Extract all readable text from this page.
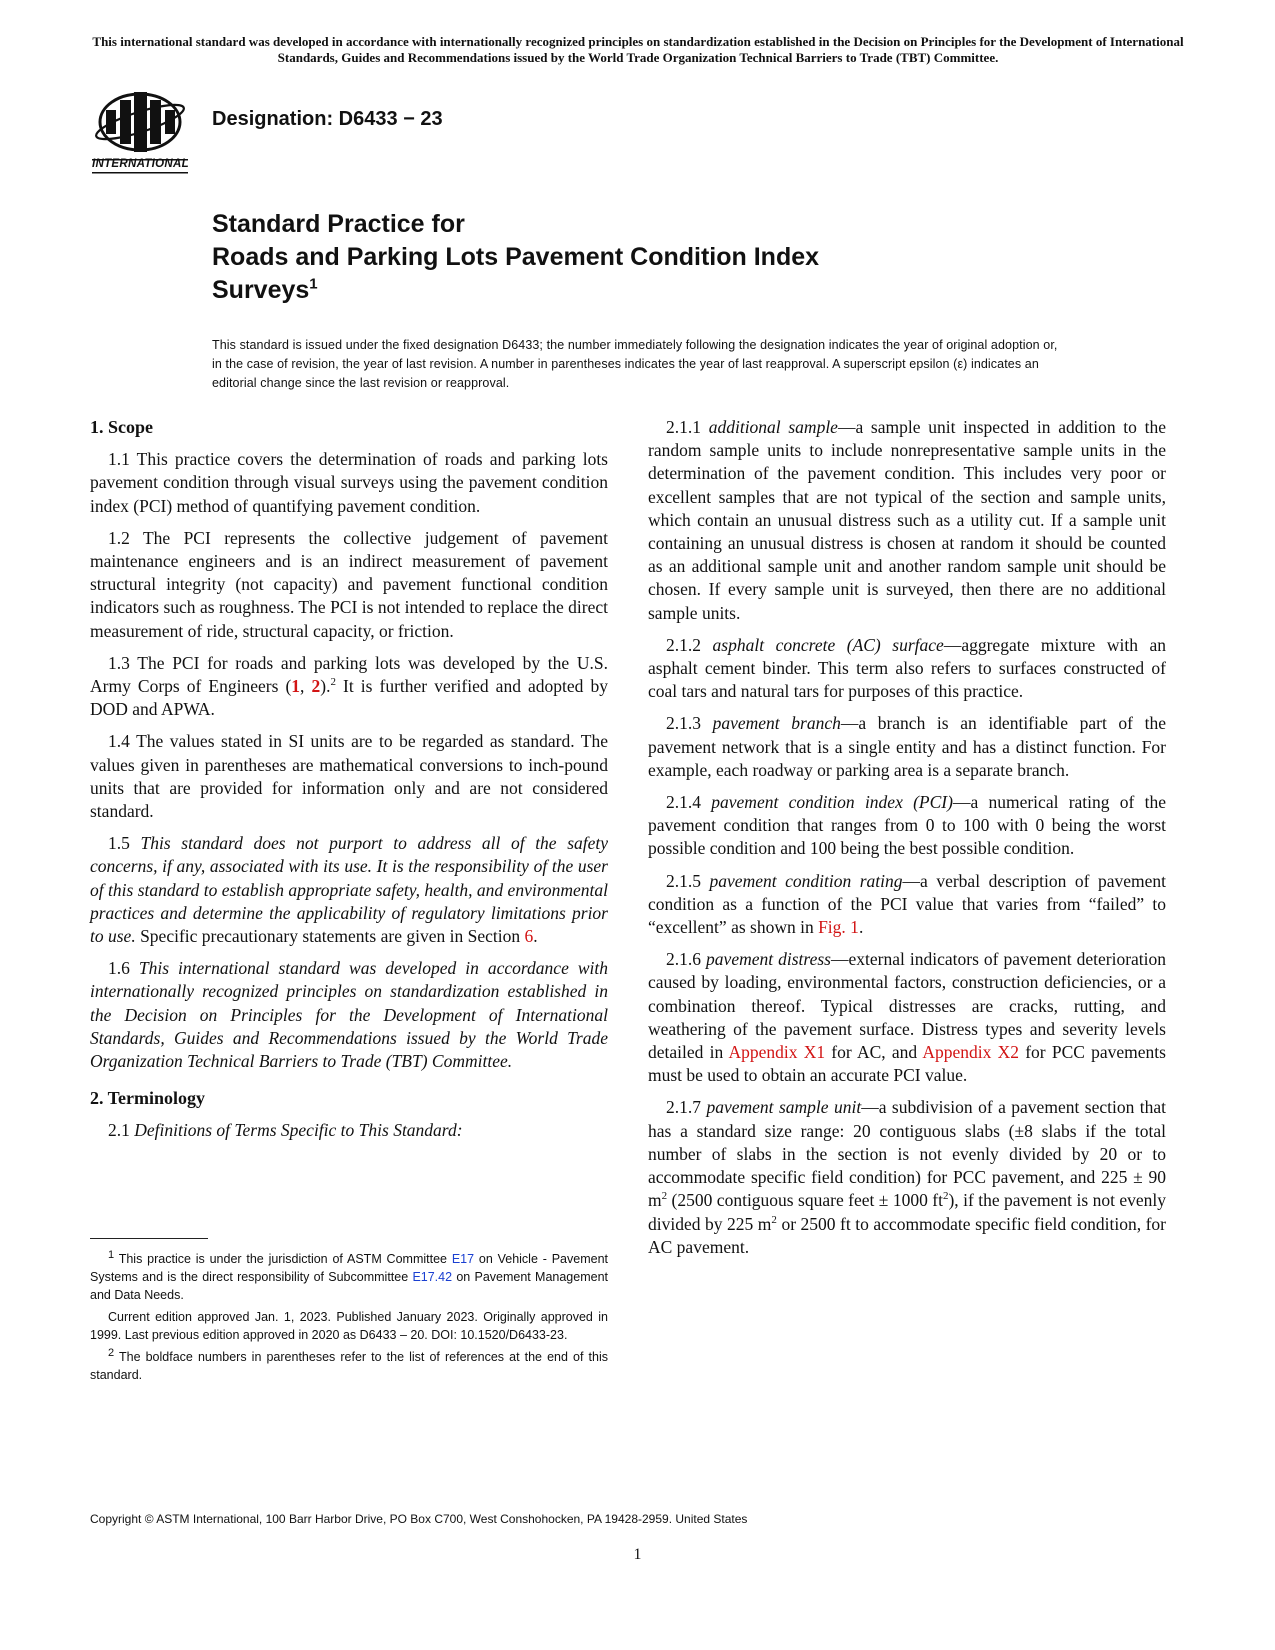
This international standard was developed in accordance with internationally recognized principles on standardization established in the Decision on Principles for the Development of International Standards, Guides and Recommendations issued by the World Trade Organization Technical Barriers to Trade (TBT) Committee.
INTERNATIONAL
Designation: D6433 − 23
Standard Practice for
Roads and Parking Lots Pavement Condition Index
Surveys$^1$
This standard is issued under the fixed designation D6433; the number immediately following the designation indicates the year of original adoption or, in the case of revision, the year of last revision. A number in parentheses indicates the year of last reapproval. A superscript epsilon (ε) indicates an editorial change since the last revision or reapproval.
1. Scope

1.1 This practice covers the determination of roads and parking lots pavement condition through visual surveys using the pavement condition index (PCI) method of quantifying pavement condition.

1.2 The PCI represents the collective judgement of pavement maintenance engineers and is an indirect measurement of pavement structural integrity (not capacity) and pavement functional condition indicators such as roughness. The PCI is not intended to replace the direct measurement of ride, structural capacity, or friction.

1.3 The PCI for roads and parking lots was developed by the U.S. Army Corps of Engineers (1, 2).$^2$ It is further verified and adopted by DOD and APWA.

1.4 The values stated in SI units are to be regarded as standard. The values given in parentheses are mathematical conversions to inch-pound units that are provided for information only and are not considered standard.

1.5 This standard does not purport to address all of the safety concerns, if any, associated with its use. It is the responsibility of the user of this standard to establish appropriate safety, health, and environmental practices and determine the applicability of regulatory limitations prior to use. Specific precautionary statements are given in Section 6.

1.6 This international standard was developed in accordance with internationally recognized principles on standardization established in the Decision on Principles for the Development of International Standards, Guides and Recommendations issued by the World Trade Organization Technical Barriers to Trade (TBT) Committee.

2. Terminology

2.1 Definitions of Terms Specific to This Standard:

2.1.1 additional sample—a sample unit inspected in addition to the random sample units to include nonrepresentative sample units in the determination of the pavement condition. This includes very poor or excellent samples that are not typical of the section and sample units, which contain an unusual distress such as a utility cut. If a sample unit containing an unusual distress is chosen at random it should be counted as an additional sample unit and another random sample unit should be chosen. If every sample unit is surveyed, then there are no additional sample units.

2.1.2 asphalt concrete (AC) surface—aggregate mixture with an asphalt cement binder. This term also refers to surfaces constructed of coal tars and natural tars for purposes of this practice.

2.1.3 pavement branch—a branch is an identifiable part of the pavement network that is a single entity and has a distinct function. For example, each roadway or parking area is a separate branch.

2.1.4 pavement condition index (PCI)—a numerical rating of the pavement condition that ranges from 0 to 100 with 0 being the worst possible condition and 100 being the best possible condition.

2.1.5 pavement condition rating—a verbal description of pavement condition as a function of the PCI value that varies from “failed” to “excellent” as shown in Fig. 1.

2.1.6 pavement distress—external indicators of pavement deterioration caused by loading, environmental factors, construction deficiencies, or a combination thereof. Typical distresses are cracks, rutting, and weathering of the pavement surface. Distress types and severity levels detailed in Appendix X1 for AC, and Appendix X2 for PCC pavements must be used to obtain an accurate PCI value.

2.1.7 pavement sample unit—a subdivision of a pavement section that has a standard size range: 20 contiguous slabs (±8 slabs if the total number of slabs in the section is not evenly divided by 20 or to accommodate specific field condition) for PCC pavement, and 225 ± 90 $m^2$ (2500 contiguous square feet ± 1000 $ft^2$), if the pavement is not evenly divided by 225 $m^2$ or 2500 ft to accommodate specific field condition, for AC pavement.

$^1$ This practice is under the jurisdiction of ASTM Committee E17 on Vehicle - Pavement Systems and is the direct responsibility of Subcommittee E17.42 on Pavement Management and Data Needs.

Current edition approved Jan. 1, 2023. Published January 2023. Originally approved in 1999. Last previous edition approved in 2020 as D6433 – 20. DOI: 10.1520/D6433-23.

$^2$ The boldface numbers in parentheses refer to the list of references at the end of this standard.

Copyright © ASTM International, 100 Barr Harbor Drive, PO Box C700, West Conshohocken, PA 19428-2959. United States
1
